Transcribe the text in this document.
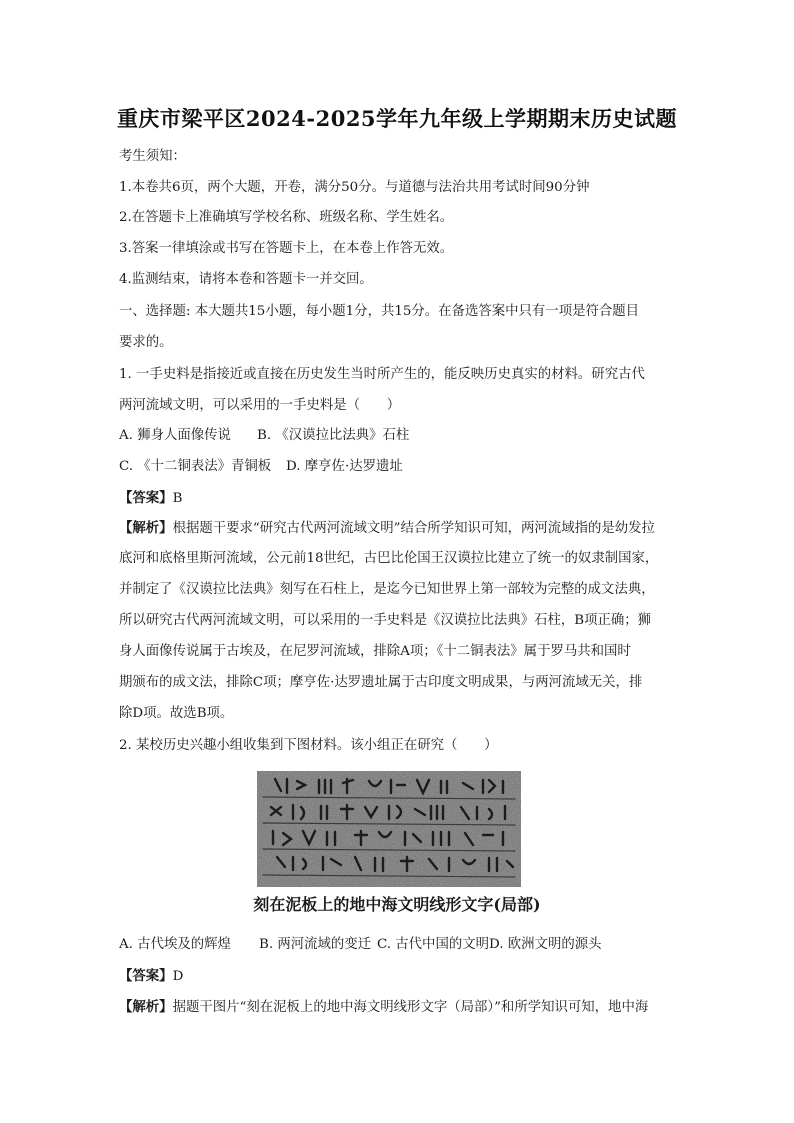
重庆市梁平区2024-2025学年九年级上学期期末历史试题
考生须知：
1.本卷共6页，两个大题，开卷，满分50分。与道德与法治共用考试时间90分钟
2.在答题卡上准确填写学校名称、班级名称、学生姓名。
3.答案一律填涂或书写在答题卡上，在本卷上作答无效。
4.监测结束，请将本卷和答题卡一并交回。
一、选择题: 本大题共15小题，每小题1分，共15分。在备选答案中只有一项是符合题目
要求的。
1. 一手史料是指接近或直接在历史发生当时所产生的，能反映历史真实的材料。研究古代
两河流域文明，可以采用的一手史料是（　　）
A. 狮身人面像传说 B. 《汉谟拉比法典》石柱
C. 《十二铜表法》青铜板 D. 摩亨佐·达罗遗址
【答案】B
【解析】根据题干要求“研究古代两河流域文明”结合所学知识可知，两河流域指的是幼发拉
底河和底格里斯河流域，公元前18世纪，古巴比伦国王汉谟拉比建立了统一的奴隶制国家，
并制定了《汉谟拉比法典》刻写在石柱上，是迄今已知世界上第一部较为完整的成文法典，
所以研究古代两河流域文明，可以采用的一手史料是《汉谟拉比法典》石柱，B项正确；狮
身人面像传说属于古埃及，在尼罗河流域，排除A项；《十二铜表法》属于罗马共和国时
期颁布的成文法，排除C项；摩亨佐·达罗遗址属于古印度文明成果，与两河流域无关，排
除D项。故选B项。
2. 某校历史兴趣小组收集到下图材料。该小组正在研究（　　）
刻在泥板上的地中海文明线形文字(局部)
A. 古代埃及的辉煌 B. 两河流域的变迁 C. 古代中国的文明D. 欧洲文明的源头
【答案】D
【解析】据题干图片“刻在泥板上的地中海文明线形文字（局部）”和所学知识可知，地中海
